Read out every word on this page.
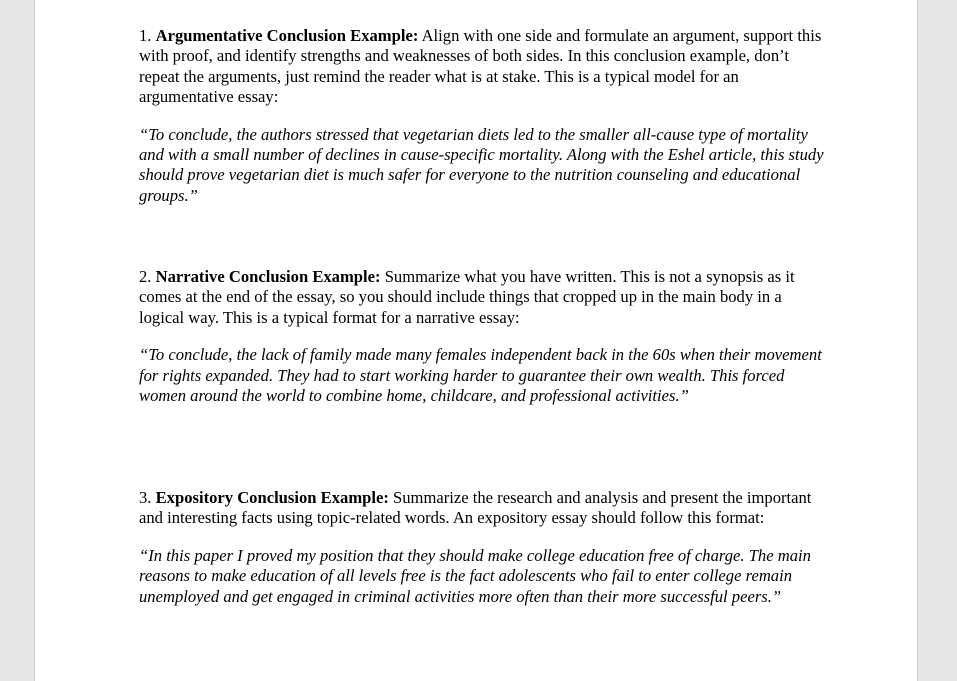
1. Argumentative Conclusion Example: Align with one side and formulate an argument, support this with proof, and identify strengths and weaknesses of both sides. In this conclusion example, don’t repeat the arguments, just remind the reader what is at stake. This is a typical model for an argumentative essay:

“To conclude, the authors stressed that vegetarian diets led to the smaller all-cause type of mortality and with a small number of declines in cause-specific mortality. Along with the Eshel article, this study should prove vegetarian diet is much safer for everyone to the nutrition counseling and educational groups.”

2. Narrative Conclusion Example: Summarize what you have written. This is not a synopsis as it comes at the end of the essay, so you should include things that cropped up in the main body in a logical way. This is a typical format for a narrative essay:

“To conclude, the lack of family made many females independent back in the 60s when their movement for rights expanded. They had to start working harder to guarantee their own wealth. This forced women around the world to combine home, childcare, and professional activities.”

3. Expository Conclusion Example: Summarize the research and analysis and present the important and interesting facts using topic-related words. An expository essay should follow this format:

“In this paper I proved my position that they should make college education free of charge. The main reasons to make education of all levels free is the fact adolescents who fail to enter college remain unemployed and get engaged in criminal activities more often than their more successful peers.”
